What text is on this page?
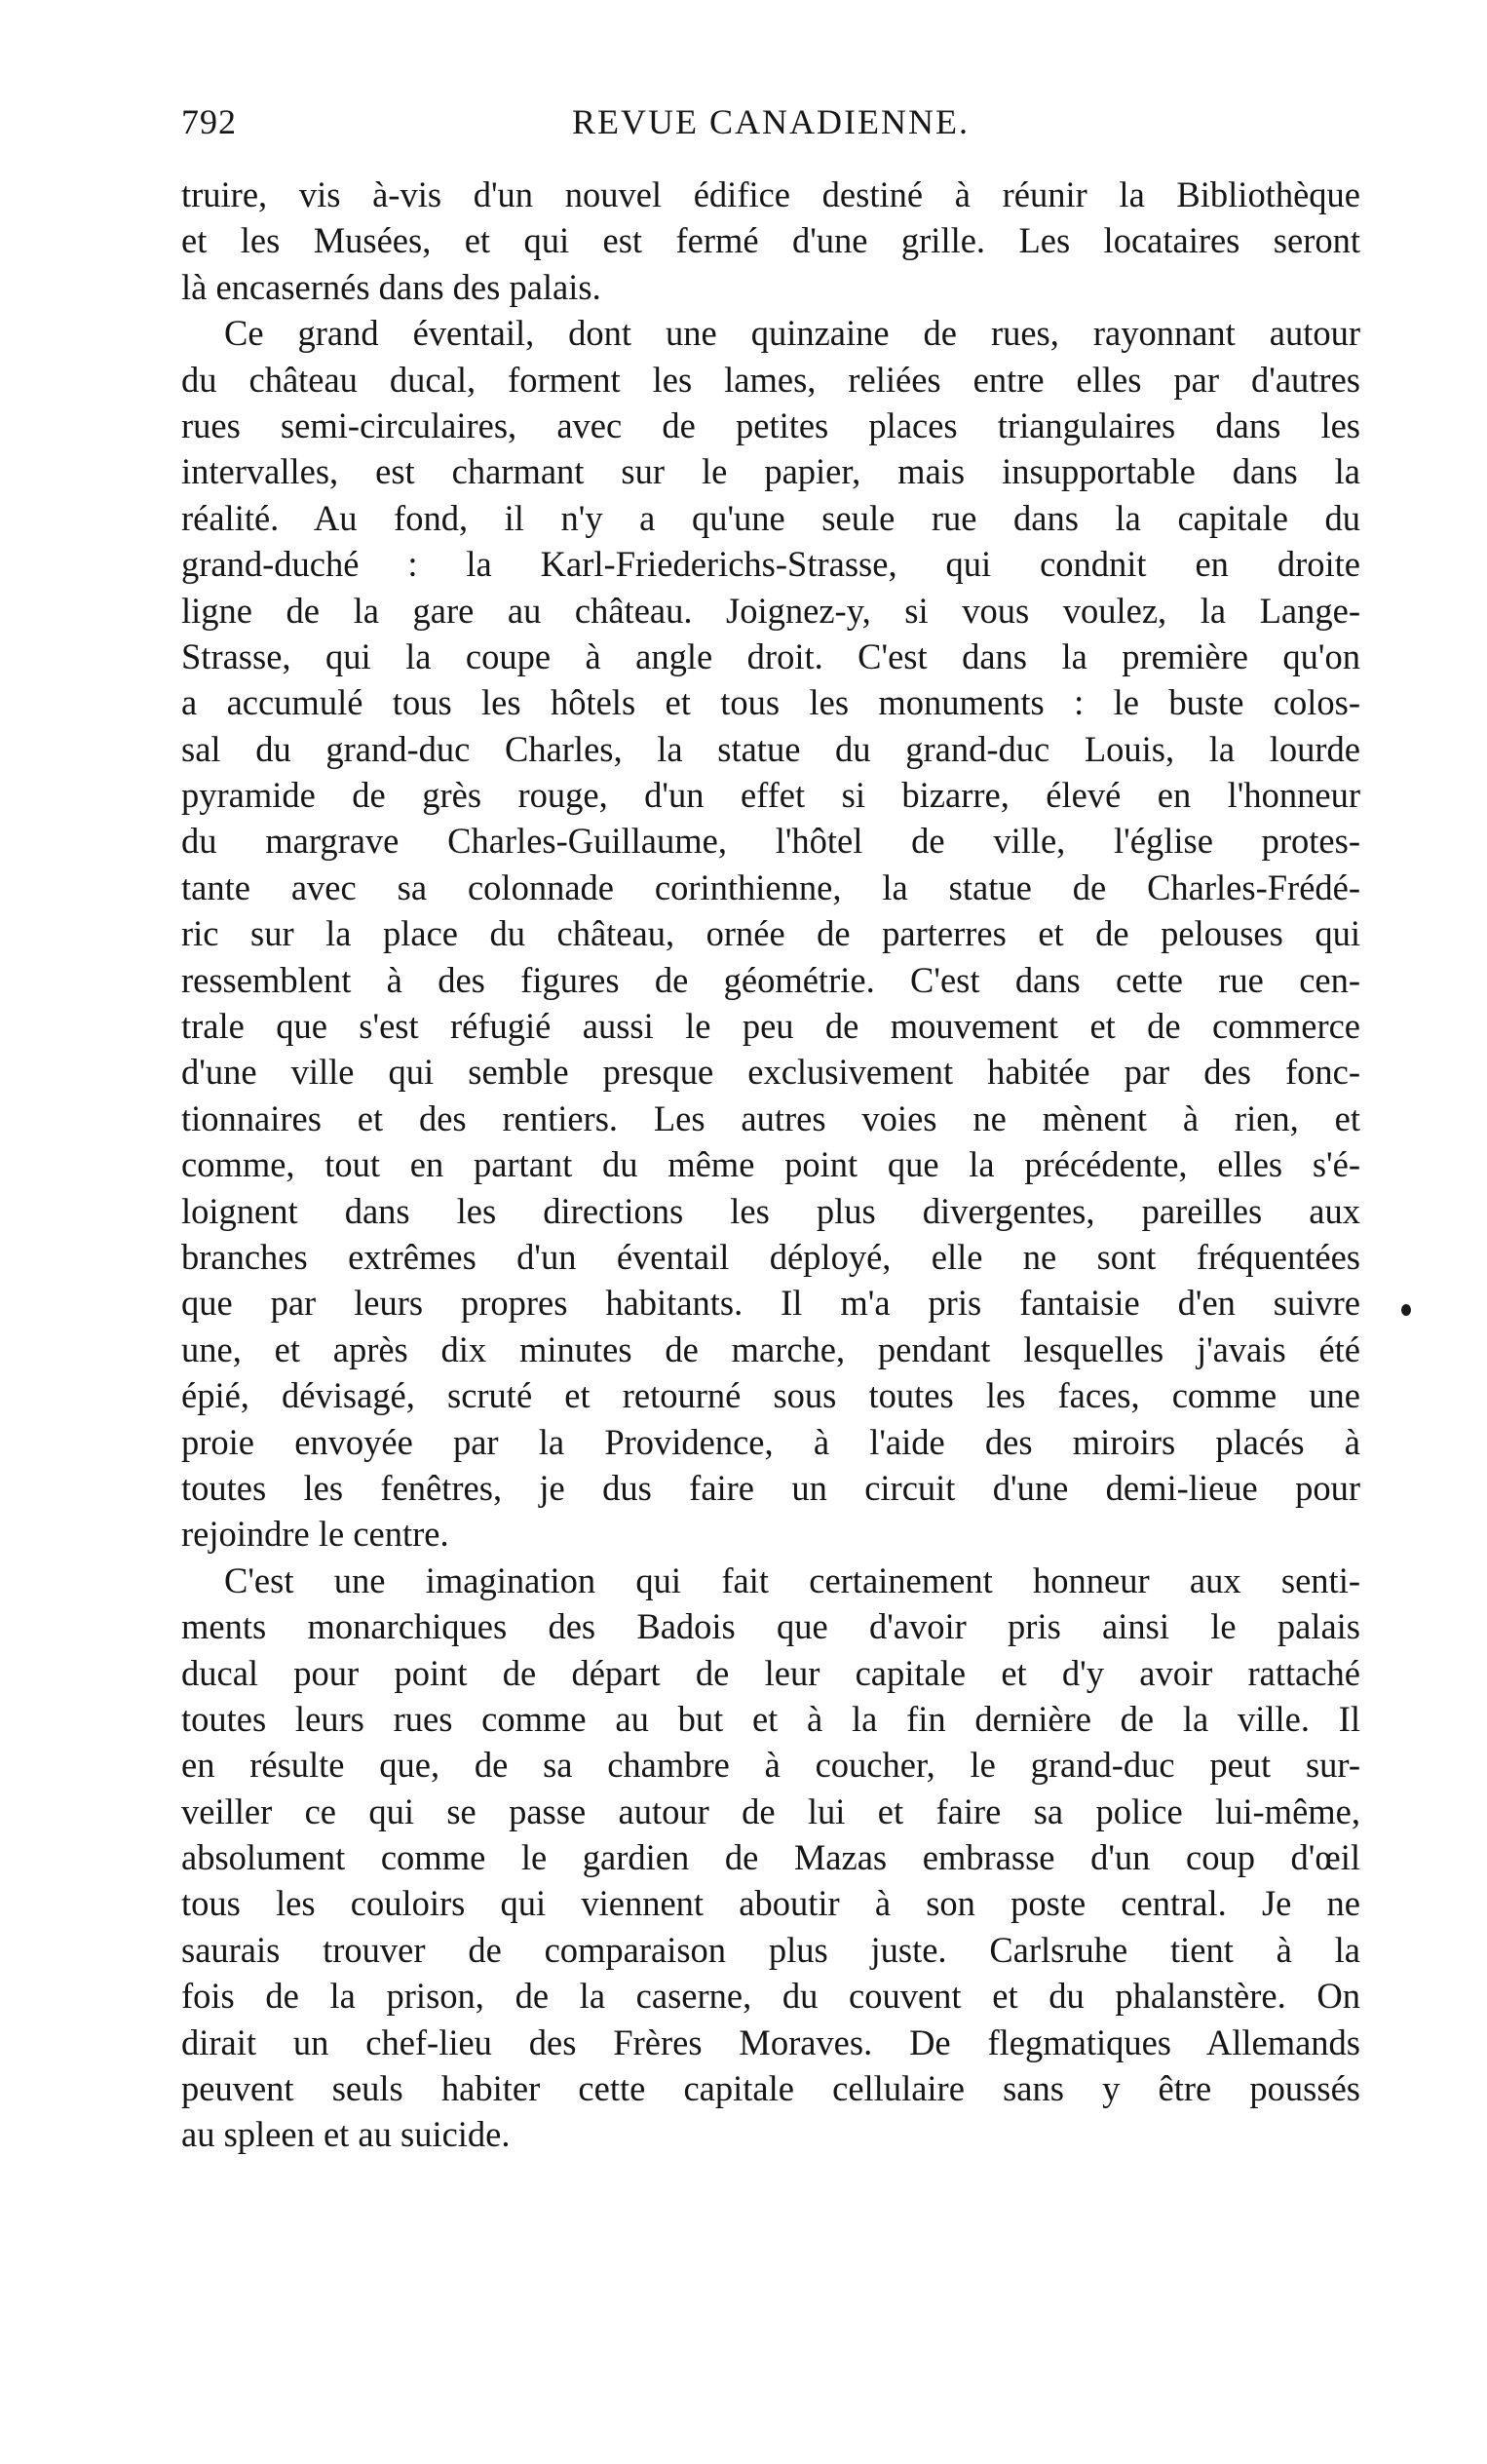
792	REVUE CANADIENNE.
truire, vis à-vis d'un nouvel édifice destiné à réunir la Bibliothèque
et les Musées, et qui est fermé d'une grille. Les locataires seront
là encasernés dans des palais.
Ce grand éventail, dont une quinzaine de rues, rayonnant autour
du château ducal, forment les lames, reliées entre elles par d'autres
rues semi-circulaires, avec de petites places triangulaires dans les
intervalles, est charmant sur le papier, mais insupportable dans la
réalité. Au fond, il n'y a qu'une seule rue dans la capitale du
grand-duché : la Karl-Friederichs-Strasse, qui condnit en droite
ligne de la gare au château. Joignez-y, si vous voulez, la Lange-
Strasse, qui la coupe à angle droit. C'est dans la première qu'on
a accumulé tous les hôtels et tous les monuments : le buste colos-
sal du grand-duc Charles, la statue du grand-duc Louis, la lourde
pyramide de grès rouge, d'un effet si bizarre, élevé en l'honneur
du margrave Charles-Guillaume, l'hôtel de ville, l'église protes-
tante avec sa colonnade corinthienne, la statue de Charles-Frédé-
ric sur la place du château, ornée de parterres et de pelouses qui
ressemblent à des figures de géométrie. C'est dans cette rue cen-
trale que s'est réfugié aussi le peu de mouvement et de commerce
d'une ville qui semble presque exclusivement habitée par des fonc-
tionnaires et des rentiers. Les autres voies ne mènent à rien, et
comme, tout en partant du même point que la précédente, elles s'é-
loignent dans les directions les plus divergentes, pareilles aux
branches extrêmes d'un éventail déployé, elle ne sont fréquentées
que par leurs propres habitants. Il m'a pris fantaisie d'en suivre
une, et après dix minutes de marche, pendant lesquelles j'avais été
épié, dévisagé, scruté et retourné sous toutes les faces, comme une
proie envoyée par la Providence, à l'aide des miroirs placés à
toutes les fenêtres, je dus faire un circuit d'une demi-lieue pour
rejoindre le centre.
C'est une imagination qui fait certainement honneur aux senti-
ments monarchiques des Badois que d'avoir pris ainsi le palais
ducal pour point de départ de leur capitale et d'y avoir rattaché
toutes leurs rues comme au but et à la fin dernière de la ville. Il
en résulte que, de sa chambre à coucher, le grand-duc peut sur-
veiller ce qui se passe autour de lui et faire sa police lui-même,
absolument comme le gardien de Mazas embrasse d'un coup d'œil
tous les couloirs qui viennent aboutir à son poste central. Je ne
saurais trouver de comparaison plus juste. Carlsruhe tient à la
fois de la prison, de la caserne, du couvent et du phalanstère. On
dirait un chef-lieu des Frères Moraves. De flegmatiques Allemands
peuvent seuls habiter cette capitale cellulaire sans y être poussés
au spleen et au suicide.
